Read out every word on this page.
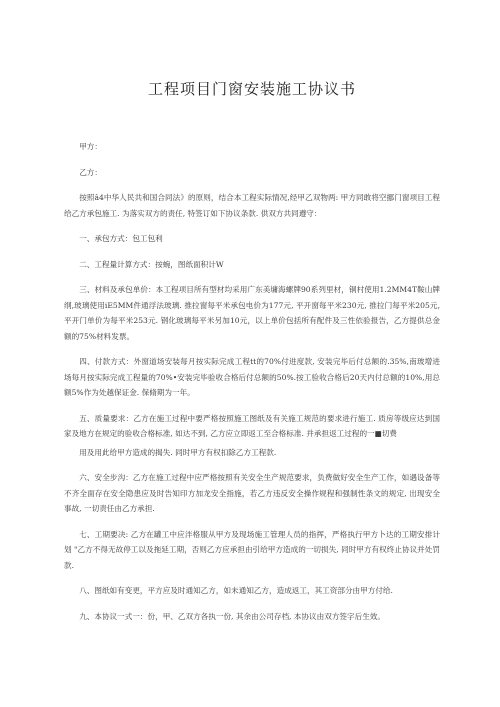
工程项目门窗安装施工协议书

甲方：

乙方：

按照â4中华人民共和国合同法》的原则，结合本工程实际情况,经甲乙双物两: 甲方同敢将空挪门窗项目工程给乙方承包施工. 为落实双方的责任, 特签订如下协议条款. 供双方共同遵守：

一、承包方式：包工包利

二、工程量计算方式：按蜿，图纸面积计W

三、材料及承包单价：本工程项目所有型材均采用广东美墉海螺牌90系列里材，铜村使用1.2MM4T鞍山牌纲,玻璃使用iE5MM件通浮法玻璃. 推拉窗每平米承包电价为177元, 平开窗每平米230元, 推拉门每平米205元, 平开门单价为每平米253元. 钢化玻璃每平米另加10元，以上单价包括所有配件及三性依验报告，乙方提供总金额的75%材料发票。

四、付款方式：外窗道场安装每月按实际完成工程tt的70%付进度款, 安装完毕后付总额的.35%,南玻增进场每月按实际完成工程量的70%•安装完毕验收合格后付总额的50%.按工验收合格后20天内付总额的10%,用总额5%作为处越保证金. 保脩期为一年。

五、质量要求：乙方在施工过程中要严格按照施工图纸及有关施工规范的要求进行施工. 质房等级应达到国家及地方在规定的验收合格标准, 如达不到, 乙方应立即返工至合格标准. 并承担返工过程的一■切费

用及用此给甲方造成的揭失. 同时甲方有权扣除乙方工程款.

六、安全步沟：乙方在施工过程中应严格按照有关安全生产规范要求，负费做好安全生产工作，如遇设备等不齐全面存在安全隐患应及时告知印方加龙安全指施，若乙方违反安全操作规程和强制性条文的规定, 出现安全事故, 一切责任由乙方承担.

七、工期要决: 乙方在罐工中应泮格服从甲方及现场施工管理人员的指挥，严格执行甲方卜达的工期安排计划 "乙方不得无故停工以及拖延工期，否则乙方应承担由引给甲方造成的一切损失, 同时甲方有权终止协议并处罚款.

八、图纸如有变更，平方应及时通知乙方，如未通知乙方，造成返工，其工资部分由甲方付给.

九、本协议一式一：份，甲、乙双方各执一份, 其余由公司存档, 本协议由双方签字后生效。
